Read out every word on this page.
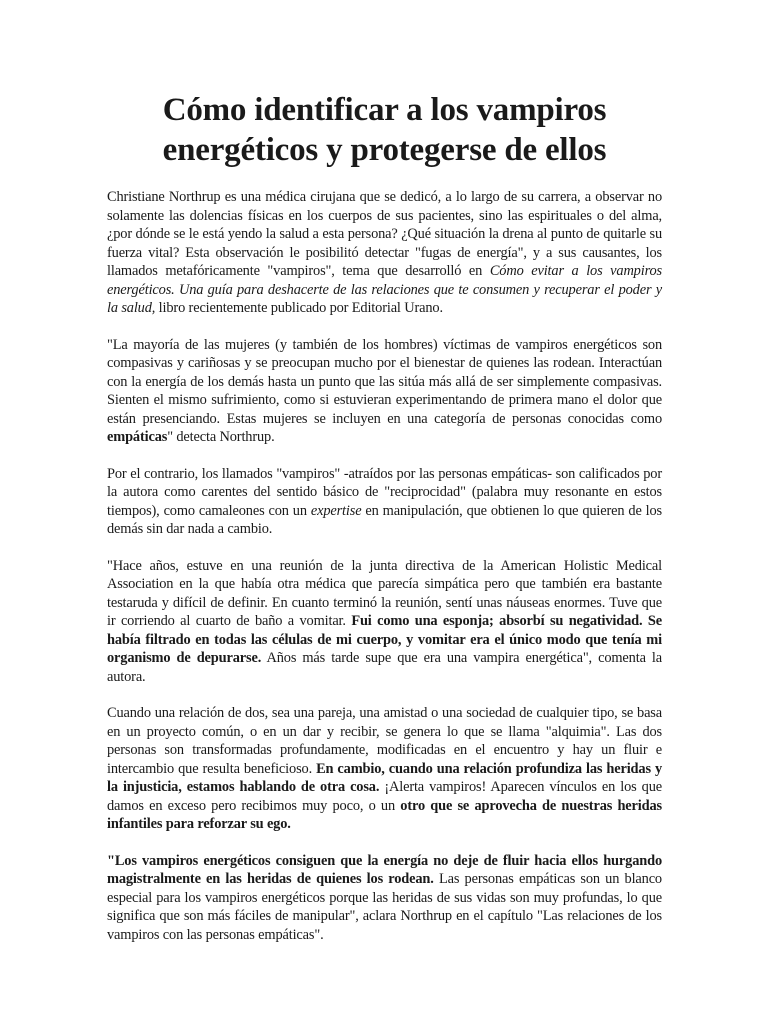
Cómo identificar a los vampiros energéticos y protegerse de ellos

Christiane Northrup es una médica cirujana que se dedicó, a lo largo de su carrera, a observar no solamente las dolencias físicas en los cuerpos de sus pacientes, sino las espirituales o del alma, ¿por dónde se le está yendo la salud a esta persona? ¿Qué situación la drena al punto de quitarle su fuerza vital? Esta observación le posibilitó detectar "fugas de energía", y a sus causantes, los llamados metafóricamente "vampiros", tema que desarrolló en Cómo evitar a los vampiros energéticos. Una guía para deshacerte de las relaciones que te consumen y recuperar el poder y la salud, libro recientemente publicado por Editorial Urano.

"La mayoría de las mujeres (y también de los hombres) víctimas de vampiros energéticos son compasivas y cariñosas y se preocupan mucho por el bienestar de quienes las rodean. Interactúan con la energía de los demás hasta un punto que las sitúa más allá de ser simplemente compasivas. Sienten el mismo sufrimiento, como si estuvieran experimentando de primera mano el dolor que están presenciando. Estas mujeres se incluyen en una categoría de personas conocidas como empáticas" detecta Northrup.

Por el contrario, los llamados "vampiros" -atraídos por las personas empáticas- son calificados por la autora como carentes del sentido básico de "reciprocidad" (palabra muy resonante en estos tiempos), como camaleones con un expertise en manipulación, que obtienen lo que quieren de los demás sin dar nada a cambio.

"Hace años, estuve en una reunión de la junta directiva de la American Holistic Medical Association en la que había otra médica que parecía simpática pero que también era bastante testaruda y difícil de definir. En cuanto terminó la reunión, sentí unas náuseas enormes. Tuve que ir corriendo al cuarto de baño a vomitar. Fui como una esponja; absorbí su negatividad. Se había filtrado en todas las células de mi cuerpo, y vomitar era el único modo que tenía mi organismo de depurarse. Años más tarde supe que era una vampira energética", comenta la autora.

Cuando una relación de dos, sea una pareja, una amistad o una sociedad de cualquier tipo, se basa en un proyecto común, o en un dar y recibir, se genera lo que se llama "alquimia". Las dos personas son transformadas profundamente, modificadas en el encuentro y hay un fluir e intercambio que resulta beneficioso. En cambio, cuando una relación profundiza las heridas y la injusticia, estamos hablando de otra cosa. ¡Alerta vampiros! Aparecen vínculos en los que damos en exceso pero recibimos muy poco, o un otro que se aprovecha de nuestras heridas infantiles para reforzar su ego.

"Los vampiros energéticos consiguen que la energía no deje de fluir hacia ellos hurgando magistralmente en las heridas de quienes los rodean. Las personas empáticas son un blanco especial para los vampiros energéticos porque las heridas de sus vidas son muy profundas, lo que significa que son más fáciles de manipular", aclara Northrup en el capítulo "Las relaciones de los vampiros con las personas empáticas".
